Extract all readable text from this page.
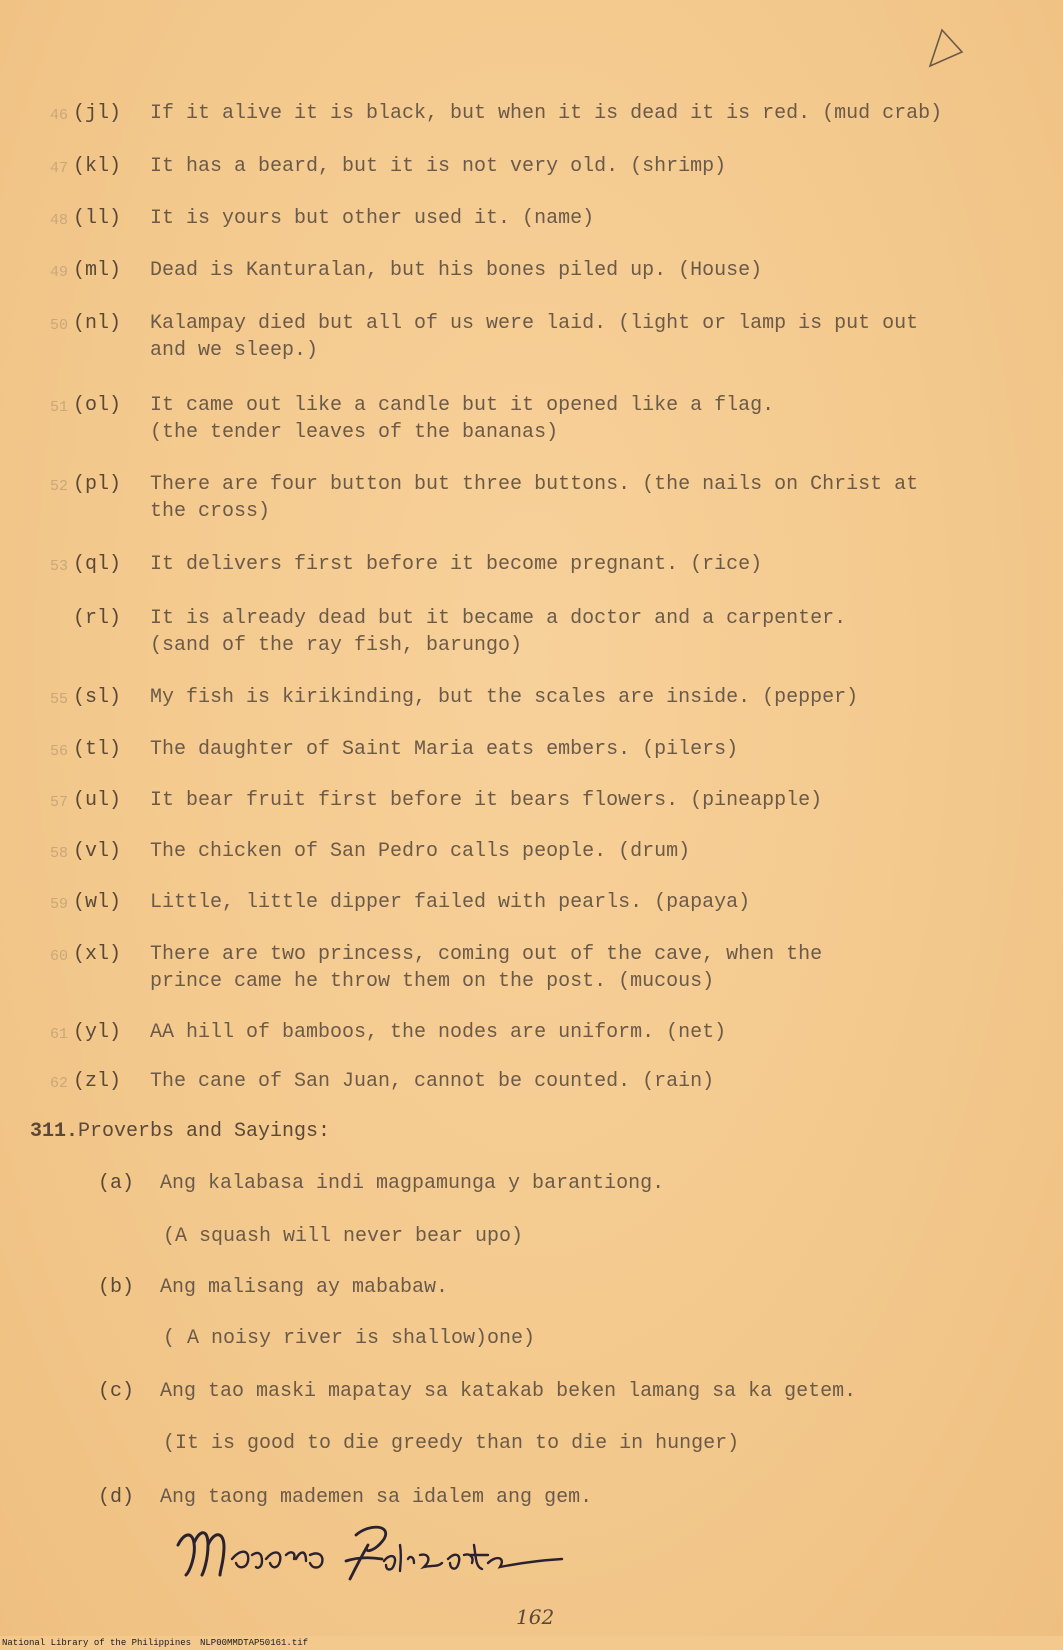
46 (jl) If it alive it is black, but when it is dead it is red. (mud crab)
47 (kl) It has a beard, but it is not very old. (shrimp)
48 (ll) It is yours but other used it. (name)
49 (ml) Dead is Kanturalan, but his bones piled up. (House)
50 (nl) Kalampay died but all of us were laid. (light or lamp is put out
and we sleep.)
51 (ol) It came out like a candle but it opened like a flag.
(the tender leaves of the bananas)
52 (pl) There are four button but three buttons. (the nails on Christ at
the cross)
53 (ql) It delivers first before it become pregnant. (rice)
(rl) It is already dead but it became a doctor and a carpenter.
(sand of the ray fish, barungo)
55 (sl) My fish is kirikinding, but the scales are inside. (pepper)
56 (tl) The daughter of Saint Maria eats embers. (pilers)
57 (ul) It bear fruit first before it bears flowers. (pineapple)
58 (vl) The chicken of San Pedro calls people. (drum)
59 (wl) Little, little dipper failed with pearls. (papaya)
60 (xl) There are two princess, coming out of the cave, when the
prince came he throw them on the post. (mucous)
61 (yl) AA hill of bamboos, the nodes are uniform. (net)
62 (zl) The cane of San Juan, cannot be counted. (rain)
311.Proverbs and Sayings:
(a) Ang kalabasa indi magpamunga y barantiong.
(A squash will never bear upo)
(b) Ang malisang ay mababaw.
( A noisy river is shallow)one)
(c) Ang tao maski mapatay sa katakab beken lamang sa ka getem.
(It is good to die greedy than to die in hunger)
(d) Ang taong mademen sa idalem ang gem.
162
National Library of the Philippines NLP00MMDTAP50161.tif
